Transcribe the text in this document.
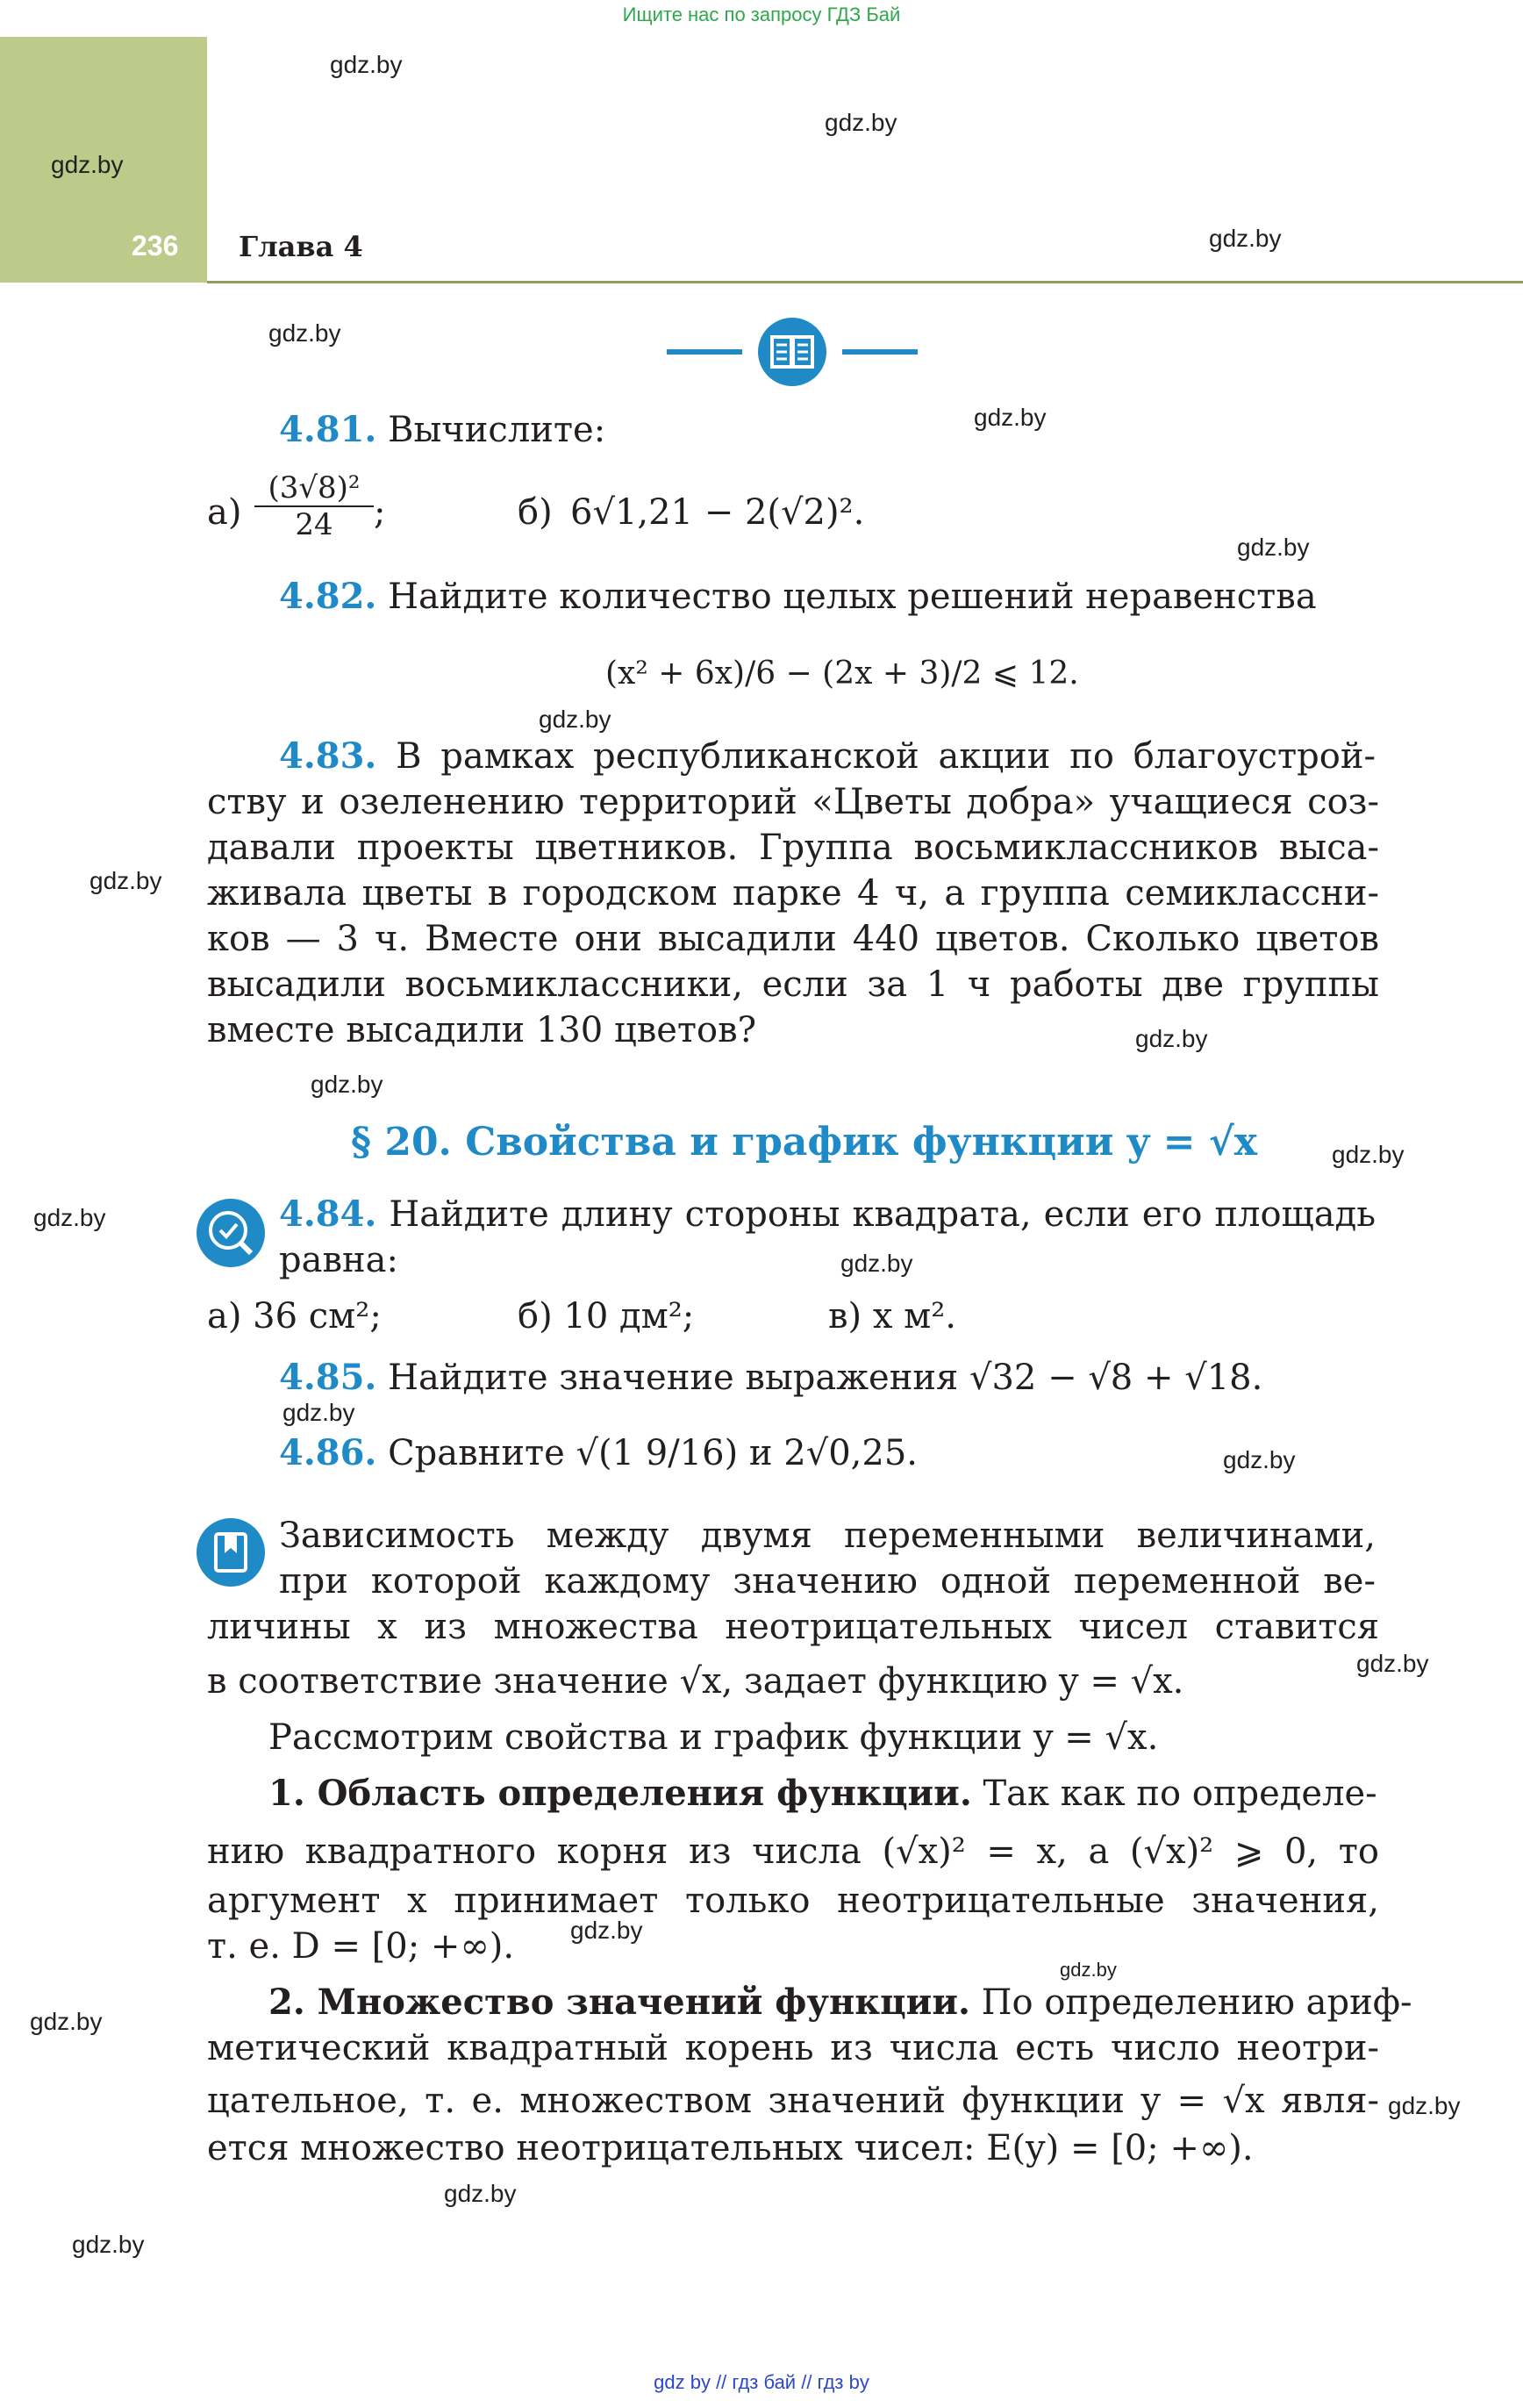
Ищите нас по запросу ГДЗ Бай
236 Глава 4
gdz.by
gdz.by
gdz.by
gdz.by
gdz.by
gdz.by
gdz.by
gdz.by
gdz.by
gdz.by
gdz.by
gdz.by
gdz.by
gdz.by
gdz.by
gdz.by
gdz.by
gdz.by
gdz.by
gdz.by
gdz.by
gdz.by
gdz.by
4.81. Вычислите:
$а) \frac{\text{(3√8)²}}{24}$ ;	б) 6√1,21 − 2(√2)².
4.82. Найдите количество целых решений неравенства
(x² + 6x)/6 − (2x + 3)/2 ⩽ 12.
4.83. В рамках республиканской акции по благоустрой-
ству и озеленению территорий «Цветы добра» учащиеся соз-
давали проекты цветников. Группа восьмиклассников выса-
живала цветы в городском парке 4 ч, а группа семиклассни-
ков — 3 ч. Вместе они высадили 440 цветов. Сколько цветов
высадили восьмиклассники, если за 1 ч работы две группы
вместе высадили 130 цветов?
§ 20. Свойства и график функции y = √x
4.84. Найдите длину стороны квадрата, если его площадь
равна:
а) 36 см²;	б) 10 дм²;	в) x м².
4.85. Найдите значение выражения √32 − √8 + √18.
4.86. Сравните √(1 9/16) и 2√0,25.
Зависимость между двумя переменными величинами,
при которой каждому значению одной переменной ве-
личины x из множества неотрицательных чисел ставится
в соответствие значение √x, задает функцию y = √x.
Рассмотрим свойства и график функции y = √x.
1. Область определения функции. Так как по определе-
нию квадратного корня из числа (√x)² = x, а (√x)² ⩾ 0, то
аргумент x принимает только неотрицательные значения,
т. е. D = [0; +∞).
2. Множество значений функции. По определению ариф-
метический квадратный корень из числа есть число неотри-
цательное, т. е. множеством значений функции y = √x явля-
ется множество неотрицательных чисел: E(y) = [0; +∞).
gdz by // гдз бай // гдз by
